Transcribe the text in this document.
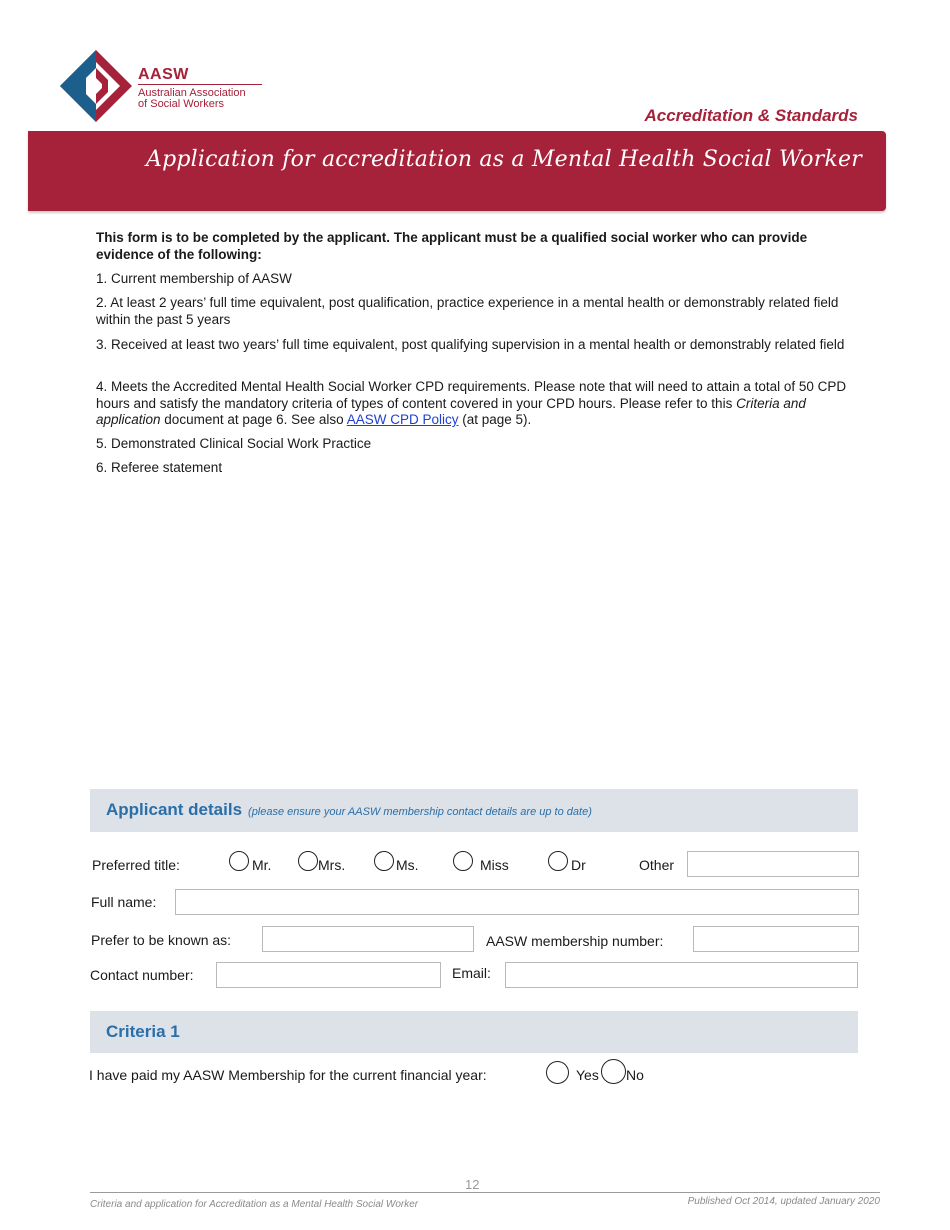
AASW
Australian Association
of Social Workers
Accreditation & Standards
Application for accreditation as a Mental Health Social Worker
This form is to be completed by the applicant. The applicant must be a qualified social worker who can provide evidence of the following:
1. Current membership of AASW
2. At least 2 years’ full time equivalent, post qualification, practice experience in a mental health or demonstrably related field within the past 5 years
3. Received at least two years’ full time equivalent, post qualifying supervision in a mental health or demonstrably related field
4. Meets the Accredited Mental Health Social Worker CPD requirements. Please note that will need to attain a total of 50 CPD hours and satisfy the mandatory criteria of types of content covered in your CPD hours. Please refer to this Criteria and application document at page 6. See also AASW CPD Policy (at page 5).
5. Demonstrated Clinical Social Work Practice
6. Referee statement
Applicant details (please ensure your AASW membership contact details are up to date)
Preferred title:	Mr.	Mrs.	Ms.	Miss	Dr	Other
Full name:
Prefer to be known as:	AASW membership number:
Contact number:	Email:
Criteria 1
I have paid my AASW Membership for the current financial year:	Yes No
12
Criteria and application for Accreditation as a Mental Health Social Worker	Published Oct 2014, updated January 2020
